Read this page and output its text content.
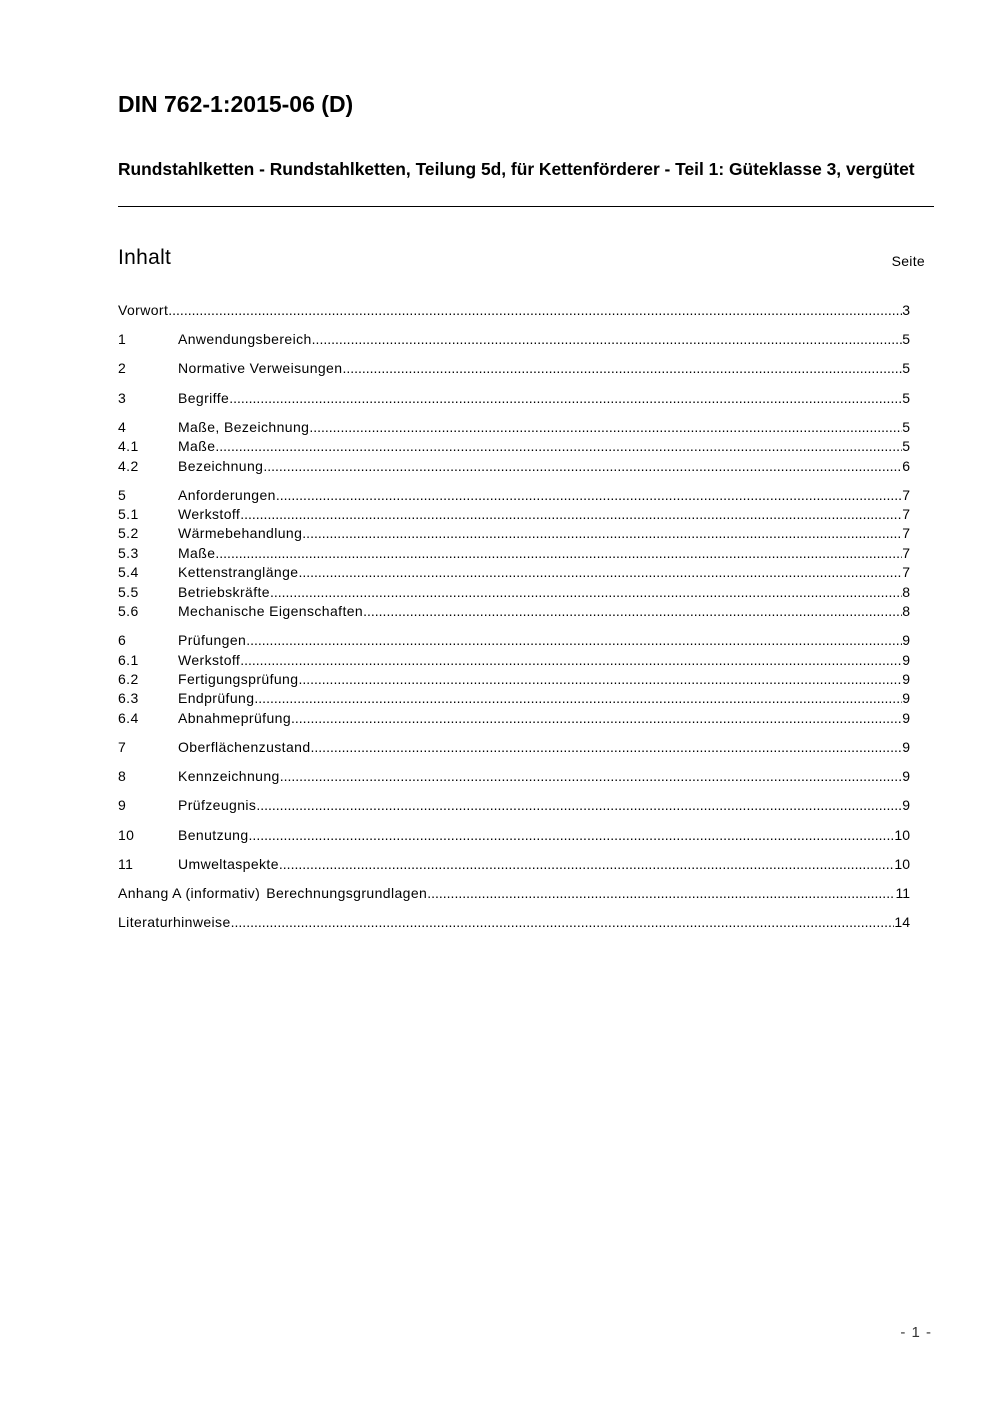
DIN 762-1:2015-06 (D)
Rundstahlketten - Rundstahlketten, Teilung 5d, für Kettenförderer - Teil 1: Güteklasse 3, vergütet
Inhalt	Seite
Vorwort .....	3
1	Anwendungsbereich .....	5
2	Normative Verweisungen .....	5
3	Begriffe .....	5
4	Maße, Bezeichnung .....	5
4.1	Maße .....	5
4.2	Bezeichnung .....	6
5	Anforderungen .....	7
5.1	Werkstoff .....	7
5.2	Wärmebehandlung .....	7
5.3	Maße .....	7
5.4	Kettenstranglänge .....	7
5.5	Betriebskräfte .....	8
5.6	Mechanische Eigenschaften .....	8
6	Prüfungen .....	9
6.1	Werkstoff .....	9
6.2	Fertigungsprüfung .....	9
6.3	Endprüfung .....	9
6.4	Abnahmeprüfung .....	9
7	Oberflächenzustand .....	9
8	Kennzeichnung .....	9
9	Prüfzeugnis .....	9
10	Benutzung .....	10
11	Umweltaspekte .....	10
Anhang A (informativ) Berechnungsgrundlagen .....	11
Literaturhinweise .....	14
- 1 -
